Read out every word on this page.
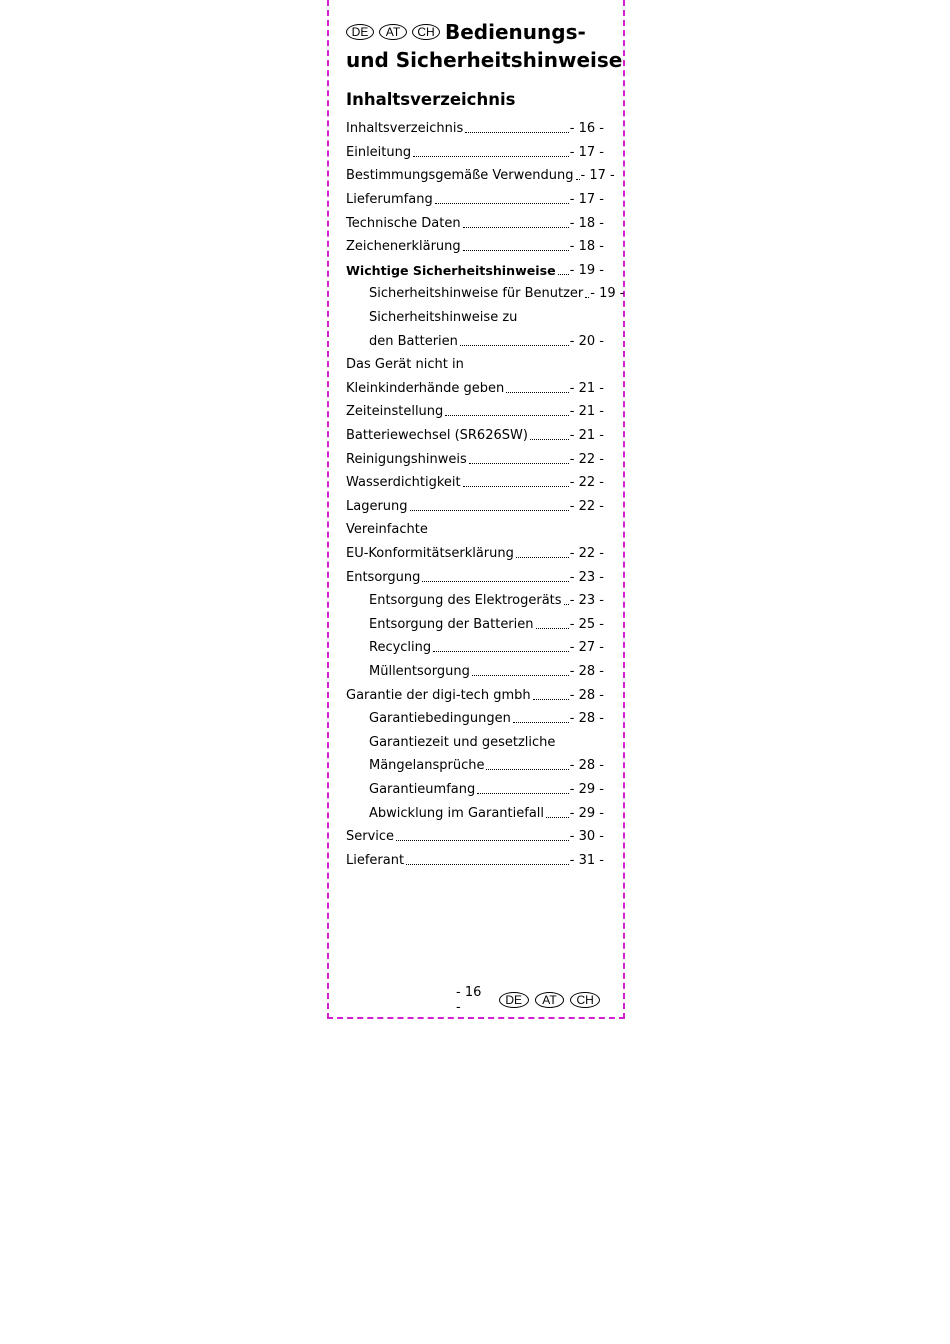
DE AT CH Bedienungs-
und Sicherheitshinweise
Inhaltsverzeichnis
Inhaltsverzeichnis	- 16 -
Einleitung	- 17 -
Bestimmungsgemäße Verwendung - 17 -
Lieferumfang	- 17 -
Technische Daten	- 18 -
Zeichenerklärung	- 18 -
Wichtige Sicherheitshinweise - 19 -
Sicherheitshinweise für Benutzer - 19 -
Sicherheitshinweise zu
den Batterien	- 20 -
Das Gerät nicht in
Kleinkinderhände geben	- 21 -
Zeiteinstellung	- 21 -
Batteriewechsel (SR626SW)	- 21 -
Reinigungshinweis	- 22 -
Wasserdichtigkeit	- 22 -
Lagerung	- 22 -
Vereinfachte
EU-Konformitätserklärung	- 22 -
Entsorgung	- 23 -
Entsorgung des Elektrogeräts - 23 -
Entsorgung der Batterien	- 25 -
Recycling	- 27 -
Müllentsorgung	- 28 -
Garantie der digi-tech gmbh	- 28 -
Garantiebedingungen	- 28 -
Garantiezeit und gesetzliche
Mängelansprüche	- 28 -
Garantieumfang	- 29 -
Abwicklung im Garantiefall - 29 -
Service	- 30 -
Lieferant	- 31 -
- 16 -	DE	AT	CH
